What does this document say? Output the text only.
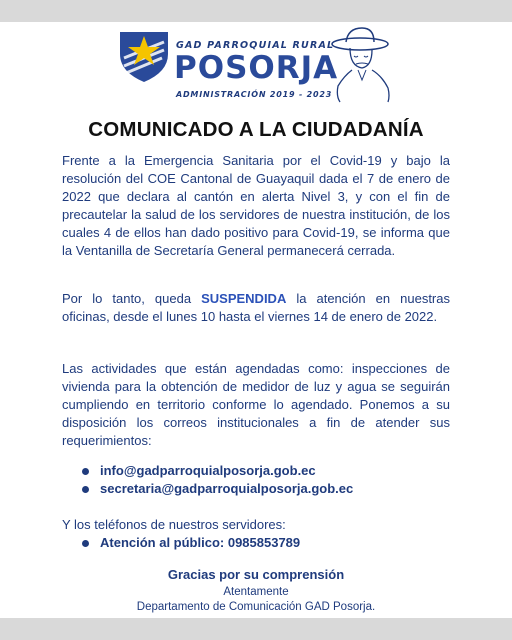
GAD PARROQUIAL RURAL
POSORJA
ADMINISTRACIÓN 2019 - 2023
COMUNICADO A LA CIUDADANÍA

Frente a la Emergencia Sanitaria por el Covid-19 y bajo la resolución del COE Cantonal de Guayaquil dada el 7 de enero de 2022 que declara al cantón en alerta Nivel 3, y con el fin de precautelar la salud de los servidores de nuestra institución, de los cuales 4 de ellos han dado positivo para Covid-19, se informa que la Ventanilla de Secretaría General permanecerá cerrada.

Por lo tanto, queda SUSPENDIDA la atención en nuestras oficinas, desde el lunes 10 hasta el viernes 14 de enero de 2022.

Las actividades que están agendadas como: inspecciones de vivienda para la obtención de medidor de luz y agua se seguirán cumpliendo en territorio conforme lo agendado. Ponemos a su disposición los correos institucionales a fin de atender sus requerimientos:

info@gadparroquialposorja.gob.ec
secretaria@gadparroquialposorja.gob.ec
Y los teléfonos de nuestros servidores:
Atención al público: 0985853789
Gracias por su comprensión
Atentamente
Departamento de Comunicación GAD Posorja.
